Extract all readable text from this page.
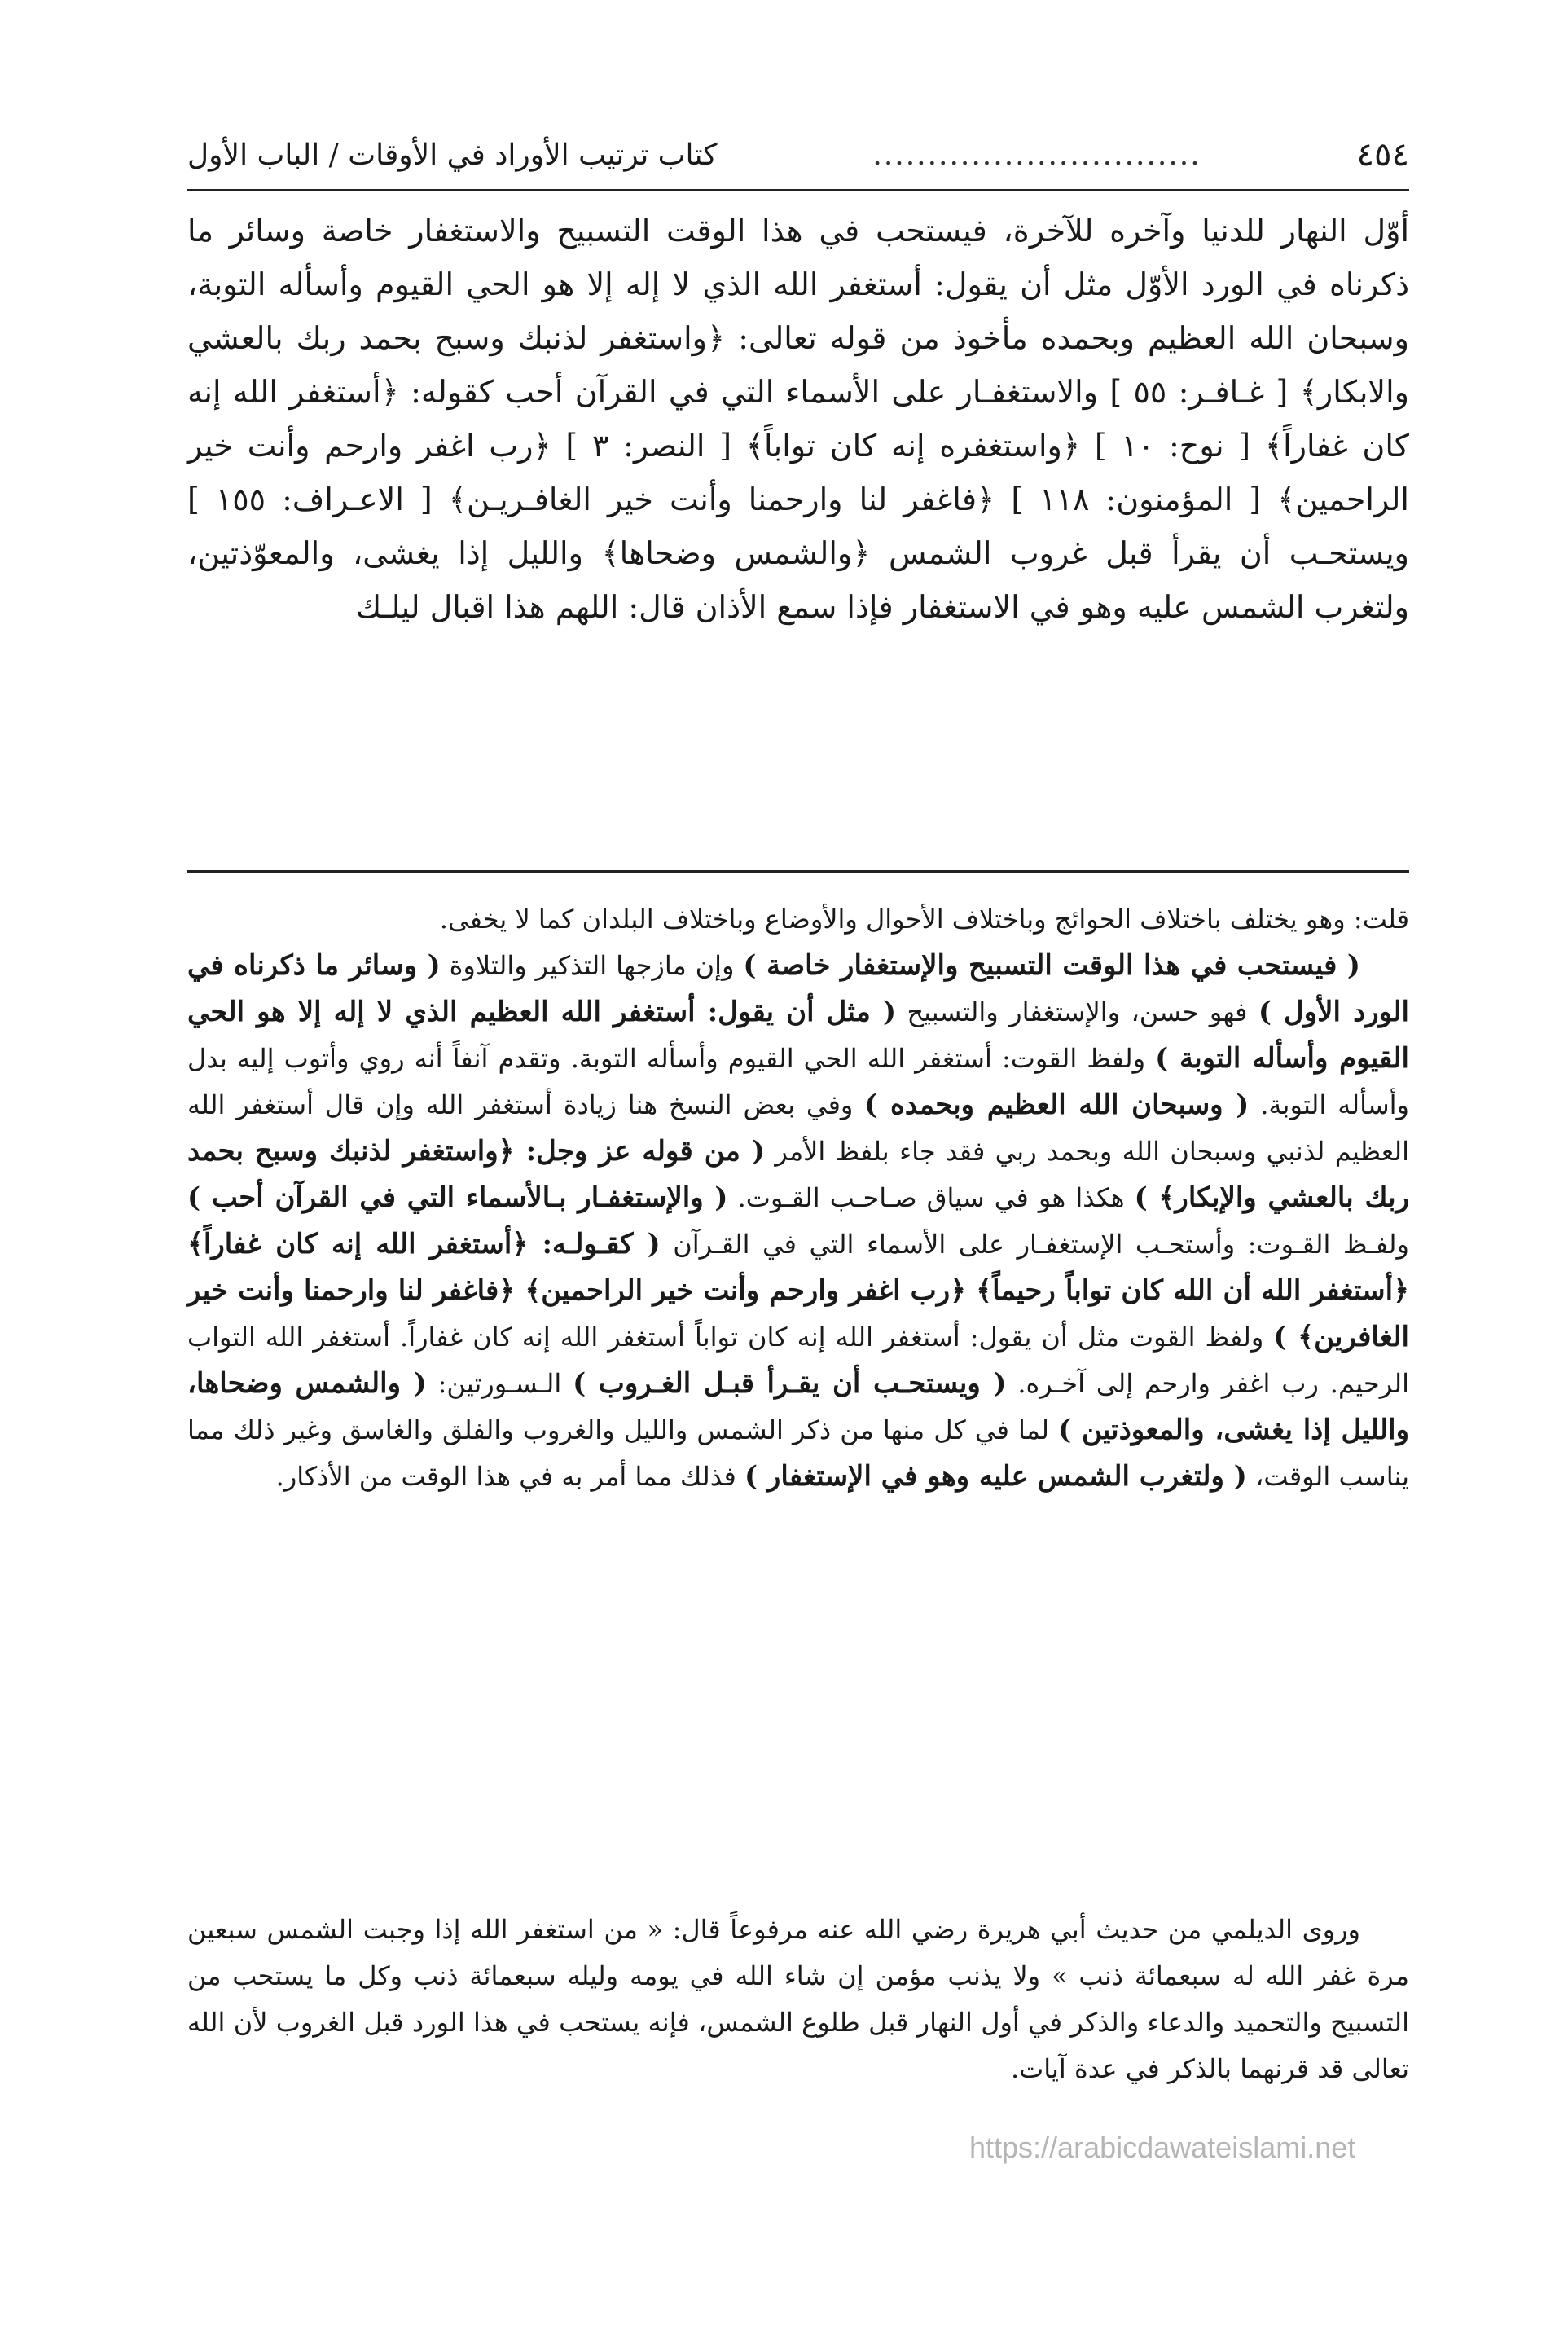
٤٥٤
..............................
كتاب ترتيب الأوراد في الأوقات / الباب الأول

أوّل النهار للدنيا وآخره للآخرة، فيستحب في هذا الوقت التسبيح والاستغفار خاصة وسائر ما ذكرناه في الورد الأوّل مثل أن يقول: أستغفر الله الذي لا إله إلا هو الحي القيوم وأسأله التوبة، وسبحان الله العظيم وبحمده مأخوذ من قوله تعالى: ﴿واستغفر لذنبك وسبح بحمد ربك بالعشي والابكار﴾ [ غـافـر: ٥٥ ] والاستغفـار على الأسماء التي في القرآن أحب كقوله: ﴿أستغفر الله إنه كان غفاراً﴾ [ نوح: ١٠ ] ﴿واستغفره إنه كان تواباً﴾ [ النصر: ٣ ] ﴿رب اغفر وارحم وأنت خير الراحمين﴾ [ المؤمنون: ١١٨ ] ﴿فاغفر لنا وارحمنا وأنت خير الغافـريـن﴾ [ الاعـراف: ١٥٥ ] ويستحـب أن يقرأ قبل غروب الشمس ﴿والشمس وضحاها﴾ والليل إذا يغشى، والمعوّذتين، ولتغرب الشمس عليه وهو في الاستغفار فإذا سمع الأذان قال: اللهم هذا اقبال ليلـك

قلت: وهو يختلف باختلاف الحوائج وباختلاف الأحوال والأوضاع وباختلاف البلدان كما لا يخفى.

( فيستحب في هذا الوقت التسبيح والإستغفار خاصة ) وإن مازجها التذكير والتلاوة ( وسائر ما ذكرناه في الورد الأول ) فهو حسن، والإستغفار والتسبيح ( مثل أن يقول: أستغفر الله العظيم الذي لا إله إلا هو الحي القيوم وأسأله التوبة ) ولفظ القوت: أستغفر الله الحي القيوم وأسأله التوبة. وتقدم آنفاً أنه روي وأتوب إليه بدل وأسأله التوبة. ( وسبحان الله العظيم وبحمده ) وفي بعض النسخ هنا زيادة أستغفر الله وإن قال أستغفر الله العظيم لذنبي وسبحان الله وبحمد ربي فقد جاء بلفظ الأمر ( من قوله عز وجل: ﴿واستغفر لذنبك وسبح بحمد ربك بالعشي والإبكار﴾ ) هكذا هو في سياق صـاحـب القـوت. ( والإستغفـار بـالأسماء التي في القرآن أحب ) ولفـظ القـوت: وأستحـب الإستغفـار على الأسماء التي في القـرآن ( كقـولـه: ﴿أستغفر الله إنه كان غفاراً﴾ ﴿أستغفر الله أن الله كان تواباً رحيماً﴾ ﴿رب اغفر وارحم وأنت خير الراحمين﴾ ﴿فاغفر لنا وارحمنا وأنت خير الغافرين﴾ ) ولفظ القوت مثل أن يقول: أستغفر الله إنه كان تواباً أستغفر الله إنه كان غفاراً. أستغفر الله التواب الرحيم. رب اغفر وارحم إلى آخـره. ( ويستحـب أن يقـرأ قبـل الغـروب ) الـسـورتين: ( والشمس وضحاها، والليل إذا يغشى، والمعوذتين ) لما في كل منها من ذكر الشمس والليل والغروب والفلق والغاسق وغير ذلك مما يناسب الوقت، ( ولتغرب الشمس عليه وهو في الإستغفار ) فذلك مما أمر به في هذا الوقت من الأذكار.

وروى الديلمي من حديث أبي هريرة رضي الله عنه مرفوعاً قال: « من استغفر الله إذا وجبت الشمس سبعين مرة غفر الله له سبعمائة ذنب » ولا يذنب مؤمن إن شاء الله في يومه وليله سبعمائة ذنب وكل ما يستحب من التسبيح والتحميد والدعاء والذكر في أول النهار قبل طلوع الشمس، فإنه يستحب في هذا الورد قبل الغروب لأن الله تعالى قد قرنهما بالذكر في عدة آيات.

https://arabicdawateislami.net
